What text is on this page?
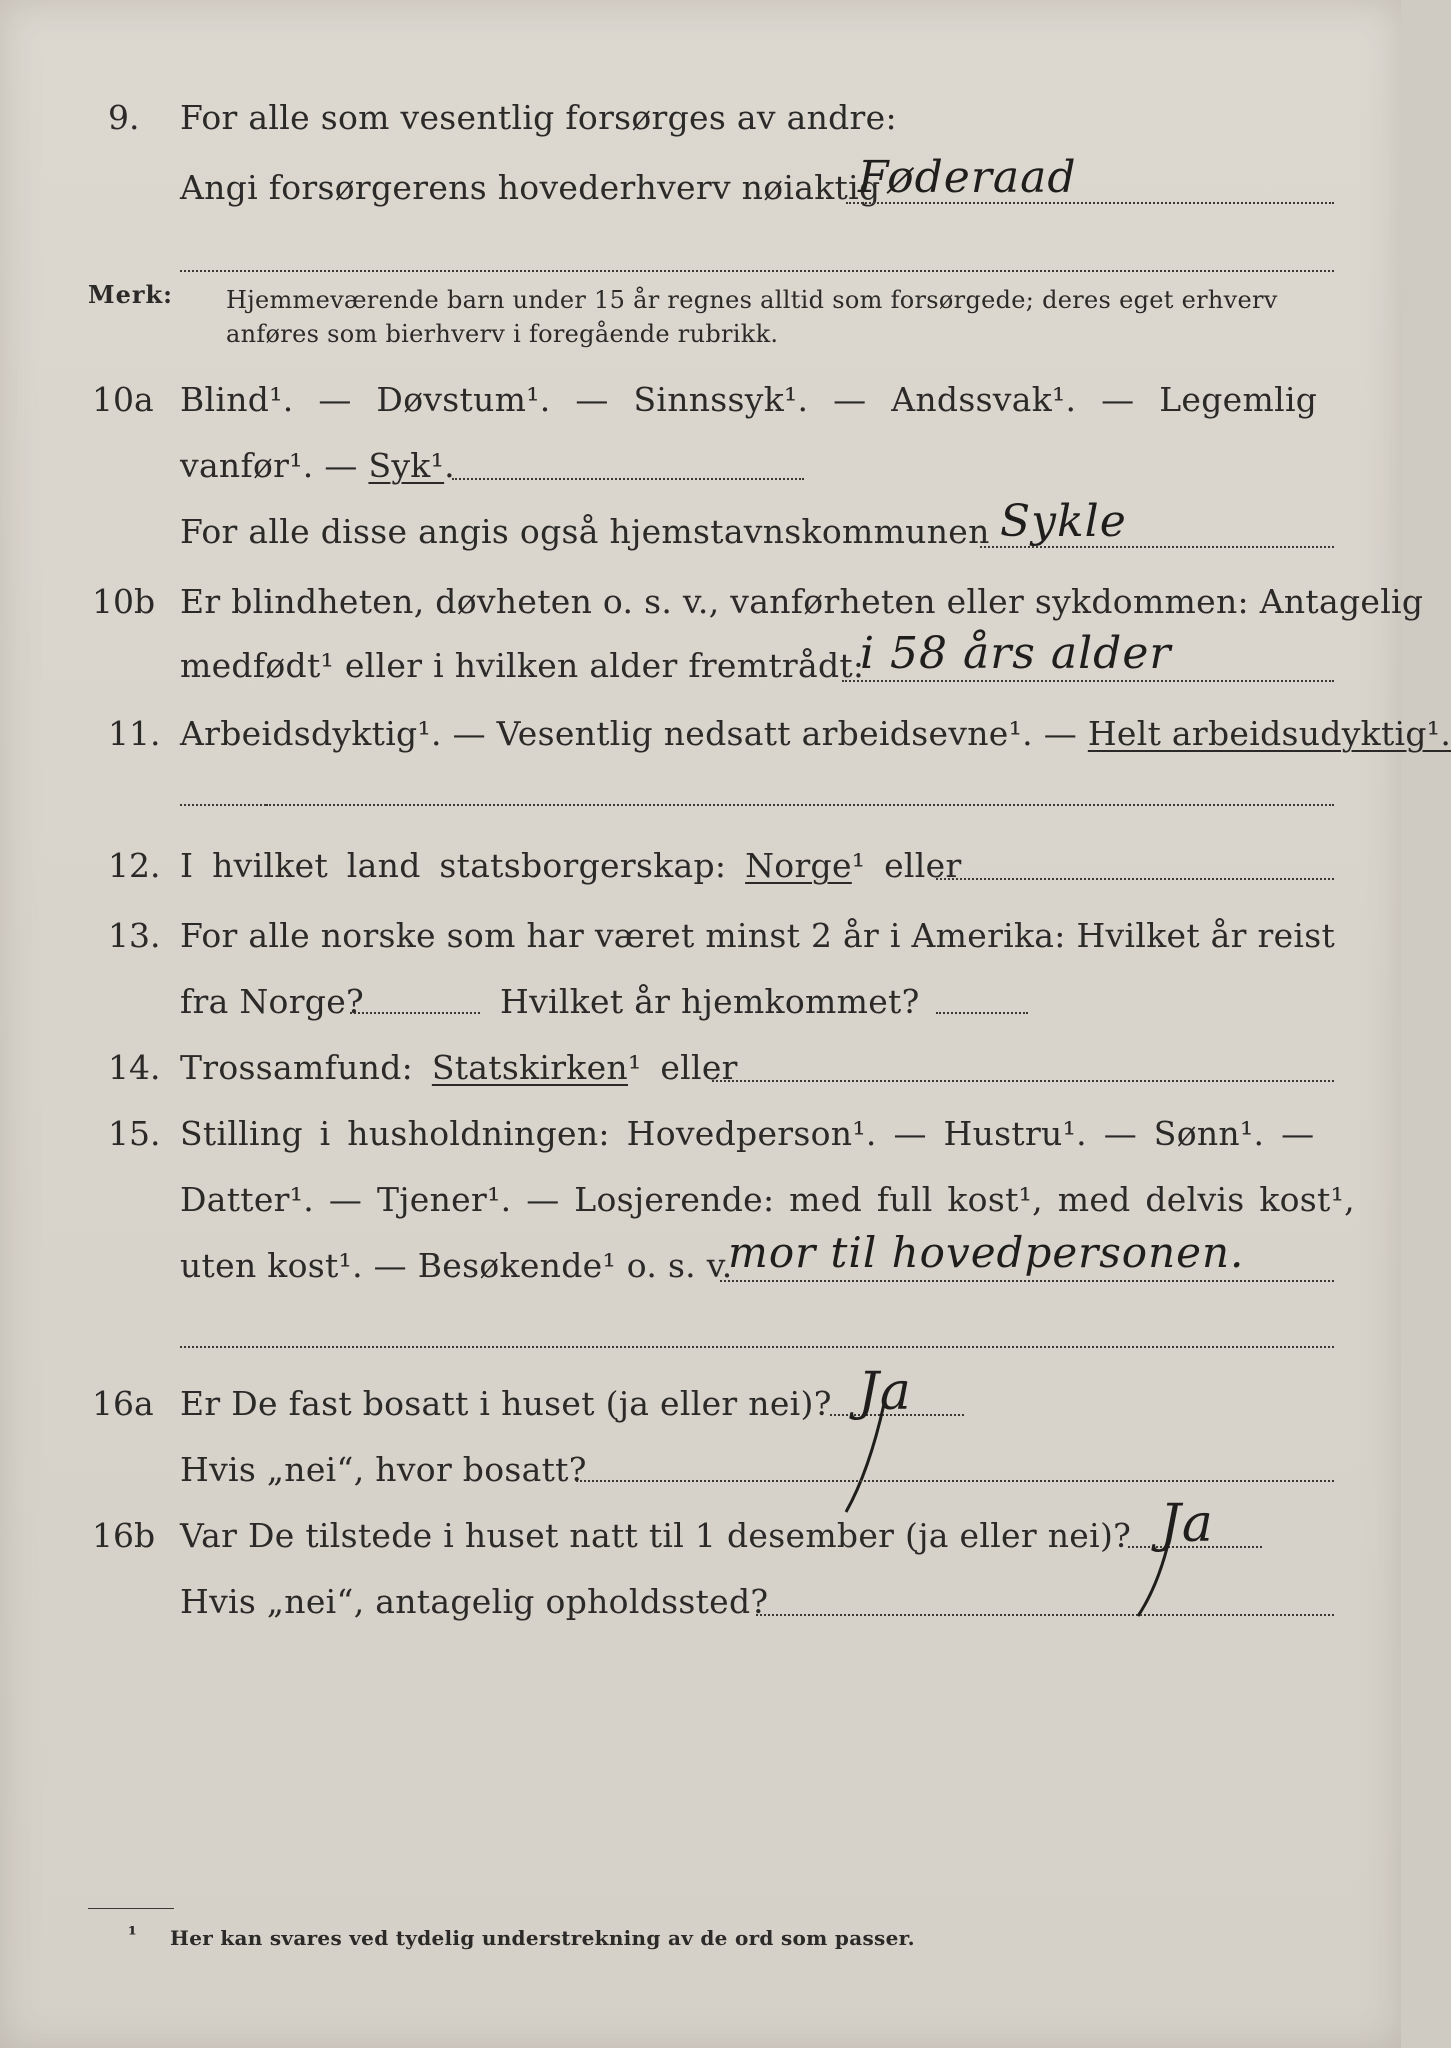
9. For alle som vesentlig forsørges av andre:
Angi forsørgerens hovederhverv nøiaktig
Føderaad
Merk: Hjemmeværende barn under 15 år regnes alltid som forsørgede; deres eget erhverv
anføres som bierhverv i foregående rubrikk.
10a Blind¹. — Døvstum¹. — Sinnssyk¹. — Andssvak¹. — Legemlig
vanfør¹. — Syk¹.
For alle disse angis også hjemstavnskommunen Sykle
10b Er blindheten, døvheten o. s. v., vanførheten eller sykdommen: Antagelig
medfødt¹ eller i hvilken alder fremtrådt:
i 58 års alder
11. Arbeidsdyktig¹. — Vesentlig nedsatt arbeidsevne¹. — Helt arbeidsudyktig¹.
12. I hvilket land statsborgerskap: Norge¹ eller
13. For alle norske som har været minst 2 år i Amerika: Hvilket år reist
fra Norge?	Hvilket år hjemkommet?
14. Trossamfund: Statskirken¹ eller
15. Stilling i husholdningen: Hovedperson¹. — Hustru¹. — Sønn¹. —
Datter¹. — Tjener¹. — Losjerende: med full kost¹, med delvis kost¹,
uten kost¹. — Besøkende¹ o. s. v.
mor til hovedpersonen.
16a Er De fast bosatt i huset (ja eller nei)? Ja
Hvis „nei“, hvor bosatt?
16b Var De tilstede i huset natt til 1 desember (ja eller nei)? Ja
Hvis „nei“, antagelig opholdssted?
¹ Her kan svares ved tydelig understrekning av de ord som passer.
